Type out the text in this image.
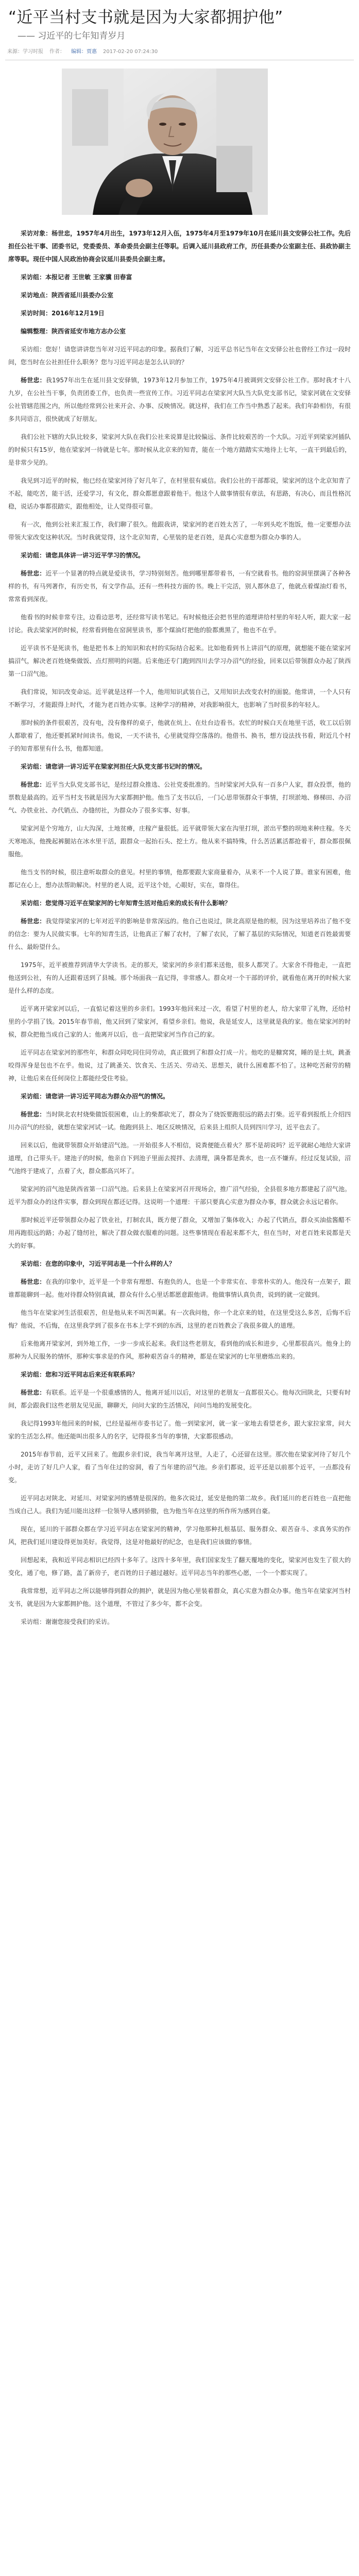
“近平当村支书就是因为大家都拥护他”
—— 习近平的七年知青岁月
来源：学习时报 作者： 编辑：贾惠 2017-02-20 07:24:30

采访对象：杨世忠，1957年4月出生，1973年12月入伍，1975年4月至1979年10月在延川县文安驿公社工作。先后担任公社干事、团委书记，党委委员、革命委员会副主任等职。后调入延川县政府工作，历任县委办公室副主任、县政协副主席等职。现任中国人民政治协商会议延川县委员会副主席。

采访组：本报记者 王世敏 王家骥 田春富

采访地点：陕西省延川县委办公室

采访时间：2016年12月19日

编辑整理：陕西省延安市地方志办公室

采访组：您好！请您讲讲您当年对习近平同志的印象。据我们了解，习近平总书记当年在文安驿公社也曾经工作过一段时间，您当时在公社担任什么职务？您与习近平同志是怎么认识的？

杨世忠：我1957年出生在延川县文安驿镇，1973年12月参加工作，1975年4月被调到文安驿公社工作。那时我才十八九岁，在公社当干事，负责团委工作，也负责一些宣传工作。习近平同志在梁家河大队当大队党支部书记，梁家河就在文安驿公社管辖范围之内，所以他经常到公社来开会、办事、反映情况。就这样，我们在工作当中熟悉了起来。我们年龄相仿，有很多共同语言，很快就成了好朋友。

我们公社下辖的大队比较多，梁家河大队在我们公社来说算是比较偏远、条件比较艰苦的一个大队。习近平到梁家河插队的时候只有15岁，他在梁家河一待就是七年。那时候从北京来的知青，能在一个地方踏踏实实地待上七年，一直干到最后的，是非常少见的。

我见到习近平的时候，他已经在梁家河待了好几年了，在村里很有威信。我们公社的干部都说，梁家河的这个北京知青了不起，能吃苦，能干活，还爱学习，有文化，群众都愿意跟着他干。他这个人做事情很有章法，有思路，有决心，而且性格沉稳，说话办事都很踏实，跟他相处，让人觉得很可靠。

有一次，他到公社来汇报工作，我们聊了很久。他跟我讲，梁家河的老百姓太苦了，一年到头吃不饱饭，他一定要想办法带领大家改变这种状况。当时我就觉得，这个北京知青，心里装的是老百姓，是真心实意想为群众办事的人。

采访组：请您具体讲一讲习近平学习的情况。

杨世忠：近平一个显著的特点就是爱读书，学习特别刻苦。他到哪里都带着书，一有空就看书。他的窑洞里摆满了各种各样的书，有马列著作，有历史书，有文学作品，还有一些科技方面的书。晚上干完活，别人都休息了，他就点着煤油灯看书，常常看到深夜。

他看书的时候非常专注，边看边思考，还经常写读书笔记。有时候他还会把书里的道理讲给村里的年轻人听，跟大家一起讨论。我去梁家河的时候，经常看到他在窑洞里读书，那个煤油灯把他的脸都熏黑了，他也不在乎。

近平读书不是死读书，他是把书本上的知识和农村的实际结合起来。比如他看到书上讲沼气的原理，就想能不能在梁家河搞沼气，解决老百姓烧柴做饭、点灯照明的问题。后来他还专门跑到四川去学习办沼气的经验，回来以后带领群众办起了陕西第一口沼气池。

我们常说，知识改变命运。近平就是这样一个人，他用知识武装自己，又用知识去改变农村的面貌。他常讲，一个人只有不断学习，才能跟得上时代，才能为老百姓办实事。这种学习的精神，对我影响很大，也影响了当时很多的年轻人。

那时候的条件很艰苦，没有电，没有像样的桌子，他就在炕上、在灶台边看书。农忙的时候白天在地里干活，收工以后别人都歇着了，他还要抓紧时间读书。他说，一天不读书，心里就觉得空落落的。他借书、换书，想方设法找书看，附近几个村子的知青那里有什么书，他都知道。

采访组：请您讲一讲习近平在梁家河担任大队党支部书记时的情况。

杨世忠：近平当大队党支部书记，是经过群众推选、公社党委批准的。当时梁家河大队有一百多户人家，群众投票，他的票数是最高的。近平当村支书就是因为大家都拥护他。他当了支书以后，一门心思带领群众干事情，打坝淤地、修梯田、办沼气、办铁业社、办代销点、办缝纫社，为群众办了很多实事、好事。

梁家河是个穷地方，山大沟深，土地贫瘠，庄稼产量很低。近平就带领大家在沟里打坝，淤出平整的坝地来种庄稼。冬天天寒地冻，他挽起裤腿站在冰水里干活，跟群众一起抬石头、挖土方。他从来不搞特殊，什么苦活累活都抢着干，群众都很佩服他。

他当支书的时候，很注意听取群众的意见。村里的事情，他都要跟大家商量着办，从来不一个人说了算。谁家有困难，他都记在心上，想办法帮助解决。村里的老人说，近平这个娃，心眼好，实在，靠得住。

采访组：您觉得习近平在梁家河的七年知青生活对他后来的成长有什么影响？

杨世忠：我觉得梁家河的七年对近平的影响是非常深远的。他自己也说过，陕北高原是他的根，因为这里培养出了他不变的信念：要为人民做实事。七年的知青生活，让他真正了解了农村，了解了农民，了解了基层的实际情况，知道老百姓最需要什么、最盼望什么。

1975年，近平被推荐到清华大学读书。走的那天，梁家河的乡亲们都来送他，很多人都哭了。大家舍不得他走，一直把他送到公社，有的人还跟着送到了县城。那个场面我一直记得，非常感人。群众对一个干部的评价，就看他在离开的时候大家是什么样的态度。

近平离开梁家河以后，一直惦记着这里的乡亲们。1993年他回来过一次，看望了村里的老人，给大家带了礼物，还给村里的小学捐了钱。2015年春节前，他又回到了梁家河，看望乡亲们。他说，我是延安人，这里就是我的家。他在梁家河的时候，群众把他当成自己家的人；他离开以后，也一直把梁家河当作自己的家。

近平同志在梁家河的那些年，和群众同吃同住同劳动，真正做到了和群众打成一片。他吃的是糠窝窝，睡的是土炕，跳蚤咬得浑身是包也不在乎。他说，过了跳蚤关、饮食关、生活关、劳动关、思想关，就什么困难都不怕了。这种吃苦耐劳的精神，让他后来在任何岗位上都能经受住考验。

采访组：请您讲一讲习近平同志为群众办沼气的情况。

杨世忠：当时陕北农村烧柴做饭很困难，山上的柴都砍光了，群众为了烧饭要跑很远的路去打柴。近平看到报纸上介绍四川办沼气的经验，就想在梁家河试一试。他跑到县上、地区反映情况，后来县上组织人员到四川学习，近平也去了。

回来以后，他就带领群众开始建沼气池。一开始很多人不相信，说粪便能点着火？那不是胡说吗？近平就耐心地给大家讲道理，自己带头干。建池子的时候，他亲自下到池子里面去搅拌、去清理，满身都是粪水，也一点不嫌弃。经过反复试验，沼气池终于建成了，点着了火，群众都高兴坏了。

梁家河的沼气池是陕西省第一口沼气池。后来县上在梁家河召开现场会，推广沼气经验，全县很多地方都建起了沼气池。近平为群众办的这件实事，群众到现在都还记得。这说明一个道理：干部只要真心实意为群众办事，群众就会永远记着你。

那时候近平还带领群众办起了铁业社，打制农具，既方便了群众，又增加了集体收入；办起了代销点，群众买油盐酱醋不用再跑很远的路；办起了缝纫社，解决了群众做衣服难的问题。这些事情现在看起来都不大，但在当时，对老百姓来说都是天大的好事。

采访组：在您的印象中，习近平同志是一个什么样的人？

杨世忠：在我的印象中，近平是一个非常有理想、有抱负的人，也是一个非常实在、非常朴实的人。他没有一点架子，跟谁都能聊到一起。他对待群众特别真诚，群众有什么心里话都愿意跟他讲。他做事情认真负责，说到的就一定做到。

他当年在梁家河生活很艰苦，但是他从来不叫苦叫累。有一次我问他，你一个北京来的娃，在这里受这么多苦，后悔不后悔？他说，不后悔，在这里我学到了很多在书本上学不到的东西，这里的老百姓教会了我很多做人的道理。

后来他离开梁家河，到外地工作，一步一步成长起来。我们这些老朋友，看到他的成长和进步，心里都很高兴。他身上的那种为人民服务的情怀，那种实事求是的作风，那种艰苦奋斗的精神，都是在梁家河的七年里磨炼出来的。

采访组：您和习近平同志后来还有联系吗？

杨世忠：有联系。近平是一个很重感情的人，他离开延川以后，对这里的老朋友一直都很关心。他每次回陕北，只要有时间，都会跟我们这些老朋友见见面，聊聊天，问问大家的生活情况，问问当地的发展变化。

我记得1993年他回来的时候，已经是福州市委书记了。他一到梁家河，就一家一家地去看望老乡，跟大家拉家常，问大家的生活怎么样。他还能叫出很多人的名字，记得很多当年的事情，大家都很感动。

2015年春节前，近平又回来了。他跟乡亲们说，我当年离开这里，人走了，心还留在这里。那次他在梁家河待了好几个小时，走访了好几户人家，看了当年住过的窑洞，看了当年建的沼气池。乡亲们都说，近平还是以前那个近平，一点都没有变。

近平同志对陕北、对延川、对梁家河的感情是很深的。他多次说过，延安是他的第二故乡。我们延川的老百姓也一直把他当成自己人。我们为延川能出这样一位领导人感到骄傲，也为他当年在这里的所作所为感到自豪。

现在，延川的干部群众都在学习近平同志在梁家河的精神，学习他那种扎根基层、服务群众、艰苦奋斗、求真务实的作风，把我们延川建设得更加美好。我觉得，这是对他最好的纪念，也是我们应该做的事情。

回想起来，我和近平同志相识已经四十多年了。这四十多年里，我们国家发生了翻天覆地的变化，梁家河也发生了很大的变化，通了电，修了路，盖了新房子，老百姓的日子越过越好。近平同志当年的那些心愿，一个一个都实现了。

我常常想，近平同志之所以能够得到群众的拥护，就是因为他心里装着群众，真心实意为群众办事。他当年在梁家河当村支书，就是因为大家都拥护他。这个道理，不管过了多少年，都不会变。

采访组：谢谢您接受我们的采访。
